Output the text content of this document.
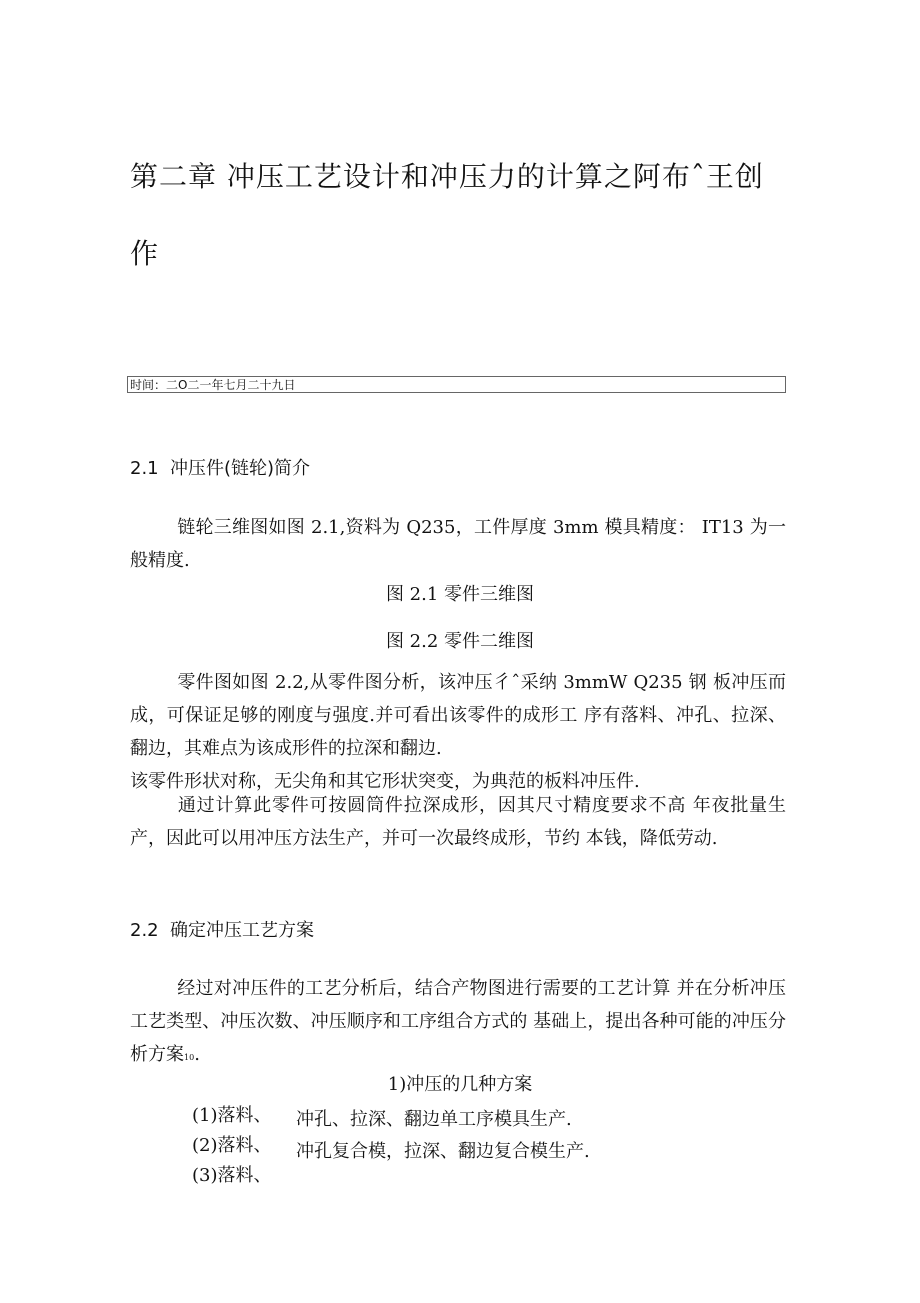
第二章 冲压工艺设计和冲压力的计算之阿布ˆ王创
作
时间：二O二一年七月二十九日
2.1 冲压件(链轮)简介
链轮三维图如图 2.1,资料为 Q235，工件厚度 3mm 模具精度： IT13 为一般精度.
图 2.1 零件三维图
图 2.2 零件二维图
零件图如图 2.2,从零件图分析，该冲压彳ˆ采纳 3mmW Q235 钢 板冲压而成，可保证足够的刚度与强度.并可看出该零件的成形工 序有落料、冲孔、拉深、翻边，其难点为该成形件的拉深和翻边.
该零件形状对称，无尖角和其它形状突变，为典范的板料冲压件.
通过计算此零件可按圆筒件拉深成形，因其尺寸精度要求不高 年夜批量生产，因此可以用冲压方法生产，并可一次最终成形，节约 本钱，降低劳动.
2.2 确定冲压工艺方案
经过对冲压件的工艺分析后，结合产物图进行需要的工艺计算 并在分析冲压工艺类型、冲压次数、冲压顺序和工序组合方式的 基础上，提出各种可能的冲压分析方案10.
1)冲压的几种方案
(1)落料、 冲孔、拉深、翻边单工序模具生产.
(2)落料、 冲孔复合模，拉深、翻边复合模生产.
(3)落料、
